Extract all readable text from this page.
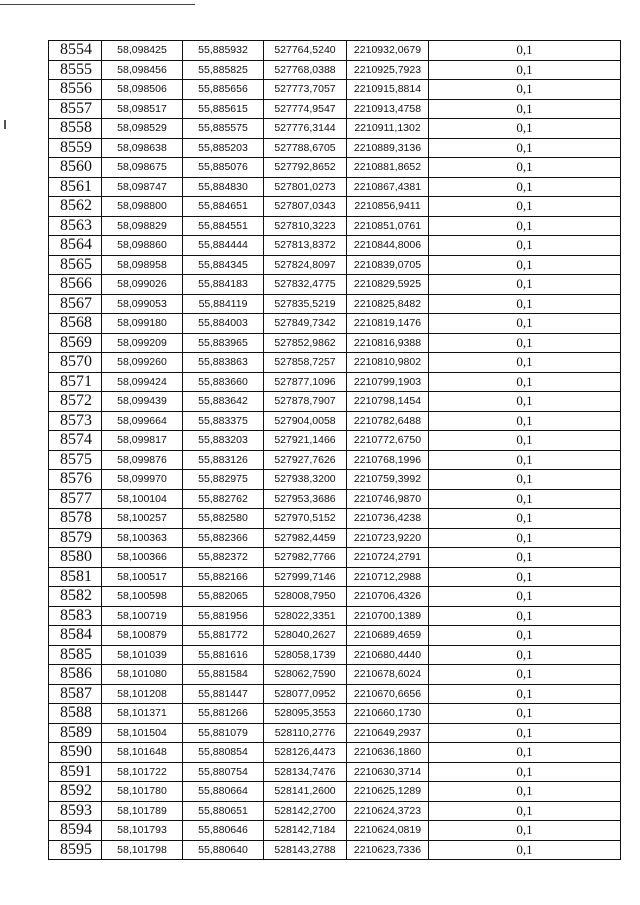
8554	58,098425	55,885932	527764,5240	2210932,0679	0,1
8555	58,098456	55,885825	527768,0388	2210925,7923	0,1
8556	58,098506	55,885656	527773,7057	2210915,8814	0,1
8557	58,098517	55,885615	527774,9547	2210913,4758	0,1
8558	58,098529	55,885575	527776,3144	2210911,1302	0,1
8559	58,098638	55,885203	527788,6705	2210889,3136	0,1
8560	58,098675	55,885076	527792,8652	2210881,8652	0,1
8561	58,098747	55,884830	527801,0273	2210867,4381	0,1
8562	58,098800	55,884651	527807,0343	2210856,9411	0,1
8563	58,098829	55,884551	527810,3223	2210851,0761	0,1
8564	58,098860	55,884444	527813,8372	2210844,8006	0,1
8565	58,098958	55,884345	527824,8097	2210839,0705	0,1
8566	58,099026	55,884183	527832,4775	2210829,5925	0,1
8567	58,099053	55,884119	527835,5219	2210825,8482	0,1
8568	58,099180	55,884003	527849,7342	2210819,1476	0,1
8569	58,099209	55,883965	527852,9862	2210816,9388	0,1
8570	58,099260	55,883863	527858,7257	2210810,9802	0,1
8571	58,099424	55,883660	527877,1096	2210799,1903	0,1
8572	58,099439	55,883642	527878,7907	2210798,1454	0,1
8573	58,099664	55,883375	527904,0058	2210782,6488	0,1
8574	58,099817	55,883203	527921,1466	2210772,6750	0,1
8575	58,099876	55,883126	527927,7626	2210768,1996	0,1
8576	58,099970	55,882975	527938,3200	2210759,3992	0,1
8577	58,100104	55,882762	527953,3686	2210746,9870	0,1
8578	58,100257	55,882580	527970,5152	2210736,4238	0,1
8579	58,100363	55,882366	527982,4459	2210723,9220	0,1
8580	58,100366	55,882372	527982,7766	2210724,2791	0,1
8581	58,100517	55,882166	527999,7146	2210712,2988	0,1
8582	58,100598	55,882065	528008,7950	2210706,4326	0,1
8583	58,100719	55,881956	528022,3351	2210700,1389	0,1
8584	58,100879	55,881772	528040,2627	2210689,4659	0,1
8585	58,101039	55,881616	528058,1739	2210680,4440	0,1
8586	58,101080	55,881584	528062,7590	2210678,6024	0,1
8587	58,101208	55,881447	528077,0952	2210670,6656	0,1
8588	58,101371	55,881266	528095,3553	2210660,1730	0,1
8589	58,101504	55,881079	528110,2776	2210649,2937	0,1
8590	58,101648	55,880854	528126,4473	2210636,1860	0,1
8591	58,101722	55,880754	528134,7476	2210630,3714	0,1
8592	58,101780	55,880664	528141,2600	2210625,1289	0,1
8593	58,101789	55,880651	528142,2700	2210624,3723	0,1
8594	58,101793	55,880646	528142,7184	2210624,0819	0,1
8595	58,101798	55,880640	528143,2788	2210623,7336	0,1
